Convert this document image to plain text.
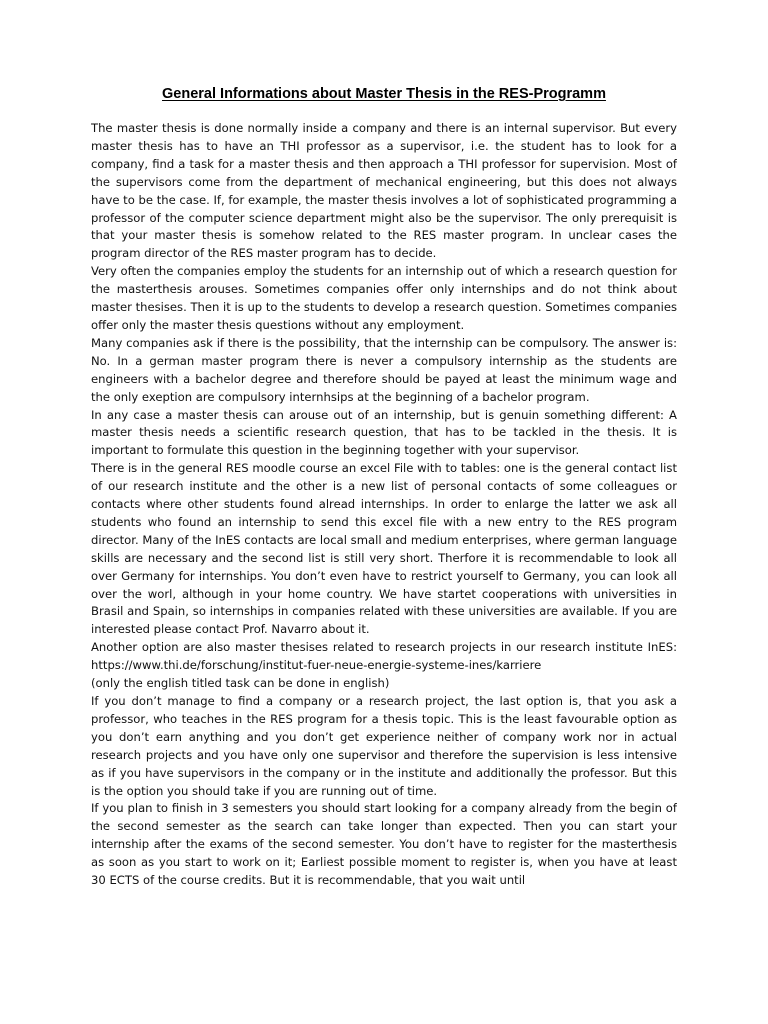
General Informations about Master Thesis in the RES-Programm

The master thesis is done normally inside a company and there is an internal supervisor. But every master thesis has to have an THI professor as a supervisor, i.e. the student has to look for a company, find a task for a master thesis and then approach a THI professor for supervision. Most of the supervisors come from the department of mechanical engineering, but this does not always have to be the case. If, for example, the master thesis involves a lot of sophisticated programming a professor of the computer science department might also be the supervisor. The only prerequisit is that your master thesis is somehow related to the RES master program. In unclear cases the program director of the RES master program has to decide.

Very often the companies employ the students for an internship out of which a research question for the masterthesis arouses. Sometimes companies offer only internships and do not think about master thesises. Then it is up to the students to develop a research question. Sometimes companies offer only the master thesis questions without any employment.

Many companies ask if there is the possibility, that the internship can be compulsory. The answer is: No. In a german master program there is never a compulsory internship as the students are engineers with a bachelor degree and therefore should be payed at least the minimum wage and the only exeption are compulsory internhsips at the beginning of a bachelor program.

In any case a master thesis can arouse out of an internship, but is genuin something different: A master thesis needs a scientific research question, that has to be tackled in the thesis. It is important to formulate this question in the beginning together with your supervisor.

There is in the general RES moodle course an excel File with to tables: one is the general contact list of our research institute and the other is a new list of personal contacts of some colleagues or contacts where other students found alread internships. In order to enlarge the latter we ask all students who found an internship to send this excel file with a new entry to the RES program director. Many of the InES contacts are local small and medium enterprises, where german language skills are necessary and the second list is still very short. Therfore it is recommendable to look all over Germany for internships. You don’t even have to restrict yourself to Germany, you can look all over the worl, although in your home country. We have startet cooperations with universities in Brasil and Spain, so internships in companies related with these universities are available. If you are interested please contact Prof. Navarro about it.

Another option are also master thesises related to research projects in our research institute InES: https://www.thi.de/forschung/institut-fuer-neue-energie-systeme-ines/karriere

(only the english titled task can be done in english)

If you don’t manage to find a company or a research project, the last option is, that you ask a professor, who teaches in the RES program for a thesis topic. This is the least favourable option as you don’t earn anything and you don’t get experience neither of company work nor in actual research projects and you have only one supervisor and therefore the supervision is less intensive as if you have supervisors in the company or in the institute and additionally the professor. But this is the option you should take if you are running out of time.

If you plan to finish in 3 semesters you should start looking for a company already from the begin of the second semester as the search can take longer than expected. Then you can start your internship after the exams of the second semester. You don’t have to register for the masterthesis as soon as you start to work on it; Earliest possible moment to register is, when you have at least 30 ECTS of the course credits. But it is recommendable, that you wait until
